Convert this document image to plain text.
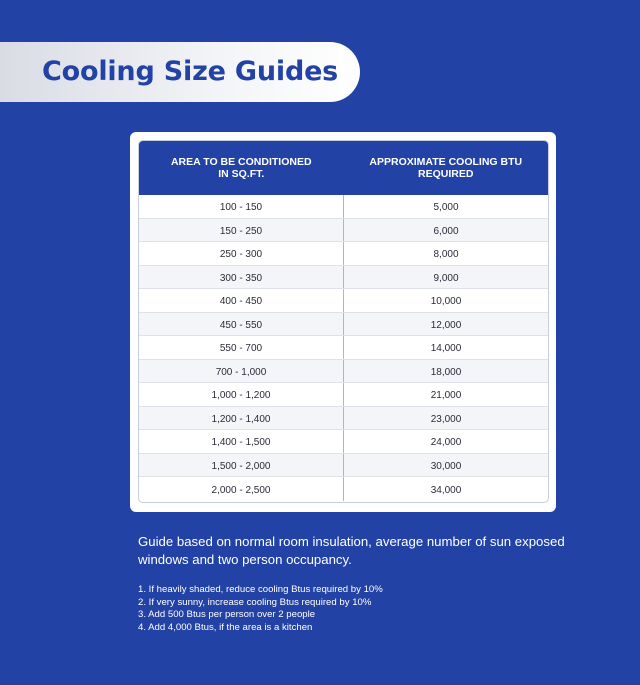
Cooling Size Guides
AREA TO BE CONDITIONED
IN SQ.FT.
APPROXIMATE COOLING BTU
REQUIRED
100 - 150	5,000
150 - 250	6,000
250 - 300	8,000
300 - 350	9,000
400 - 450	10,000
450 - 550	12,000
550 - 700	14,000
700 - 1,000	18,000
1,000 - 1,200	21,000
1,200 - 1,400	23,000
1,400 - 1,500	24,000
1,500 - 2,000	30,000
2,000 - 2,500	34,000
Guide based on normal room insulation, average number of sun exposed windows and two person occupancy.
1. If heavily shaded, reduce cooling Btus required by 10%
2. If very sunny, increase cooling Btus required by 10%
3. Add 500 Btus per person over 2 people
4. Add 4,000 Btus, if the area is a kitchen
